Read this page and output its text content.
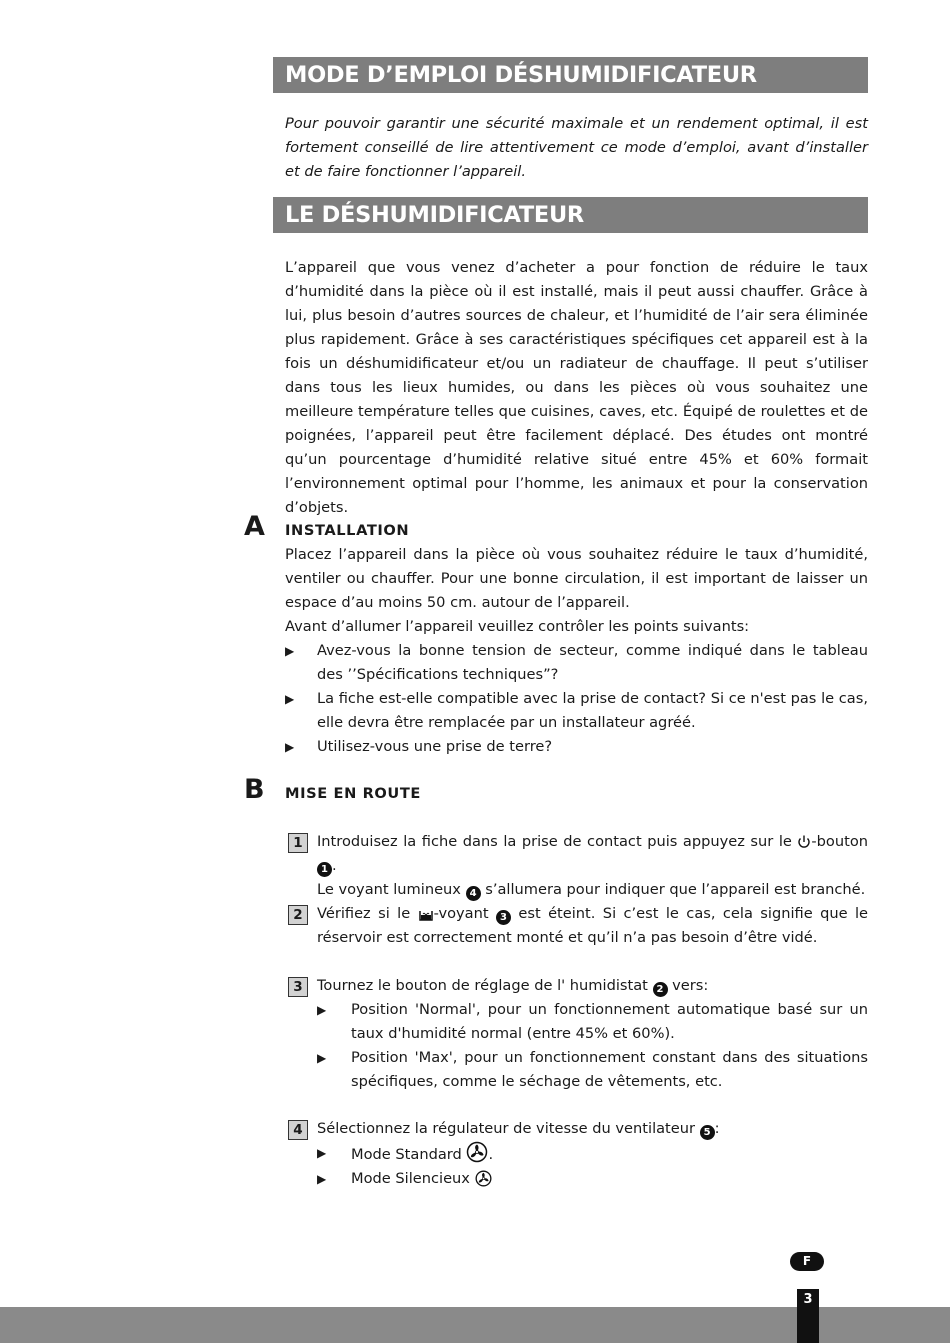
MODE D’EMPLOI DÉSHUMIDIFICATEUR

Pour pouvoir garantir une sécurité maximale et un rendement optimal, il est fortement conseillé de lire attentivement ce mode d’emploi, avant d’installer et de faire fonctionner l’appareil.

LE DÉSHUMIDIFICATEUR

L’appareil que vous venez d’acheter a pour fonction de réduire le taux d’humidité dans la pièce où il est installé, mais il peut aussi chauffer. Grâce à lui, plus besoin d’autres sources de chaleur, et l’humidité de l’air sera éliminée plus rapidement. Grâce à ses caractéristiques spécifiques cet appareil est à la fois un déshumidificateur et/ou un radiateur de chauffage. Il peut s’utiliser dans tous les lieux humides, ou dans les pièces où vous souhaitez une meilleure température telles que cuisines, caves, etc. Équipé de roulettes et de poignées, l’appareil peut être facilement déplacé. Des études ont montré qu’un pourcentage d’humidité relative situé entre 45% et 60% formait l’environnement optimal pour l’homme, les animaux et pour la conservation d’objets.

A INSTALLATION

Placez l’appareil dans la pièce où vous souhaitez réduire le taux d’humidité, ventiler ou chauffer. Pour une bonne circulation, il est important de laisser un espace d’au moins 50 cm. autour de l’appareil.

Avant d’allumer l’appareil veuillez contrôler les points suivants:

▶ Avez-vous la bonne tension de secteur, comme indiqué dans le tableau des ’’Spécifications techniques”?

▶ La fiche est-elle compatible avec la prise de contact? Si ce n'est pas le cas, elle devra être remplacée par un installateur agréé.

▶ Utilisez-vous une prise de terre?

B MISE EN ROUTE
1 Introduisez la fiche dans la prise de contact puis appuyez sur le -bouton 1 .
Le voyant lumineux 4 s’allumera pour indiquer que l’appareil est branché.

2 Vérifiez si le -voyant 3 est éteint. Si c’est le cas, cela signifie que le réservoir est correctement monté et qu’il n’a pas besoin d’être vidé.

3 Tournez le bouton de réglage de l' humidistat 2 vers:

▶ Position 'Normal', pour un fonctionnement automatique basé sur un taux d'humidité normal (entre 45% et 60%).

▶ Position 'Max', pour un fonctionnement constant dans des situations spécifiques, comme le séchage de vêtements, etc.

4 Sélectionnez la régulateur de vitesse du ventilateur 5 :

▶ Mode Standard .

▶ Mode Silencieux

F
3
